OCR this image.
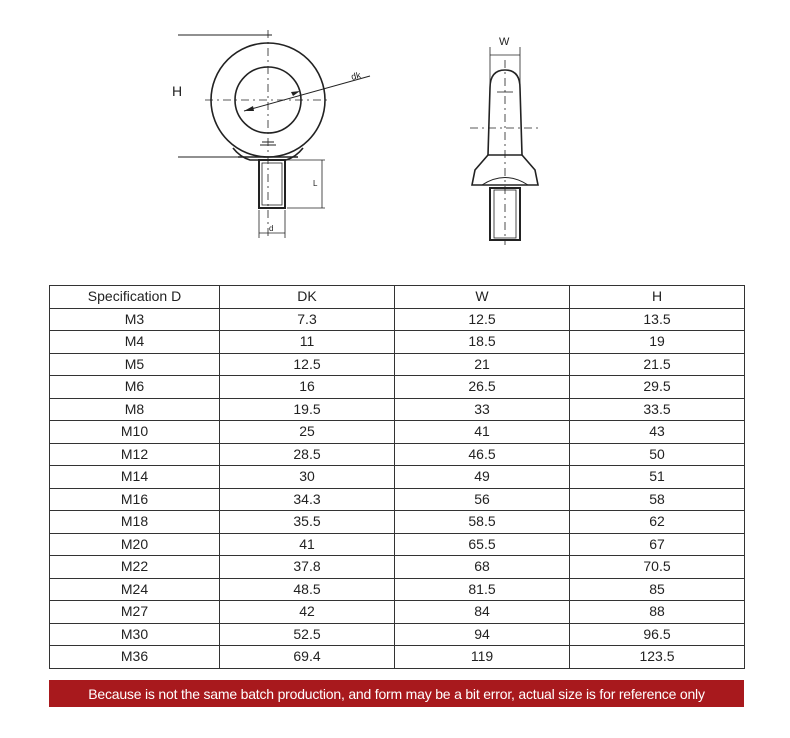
H
dk
L
d
W
Specification D	DK	W	H
M3	7.3	12.5	13.5
M4	11	18.5	19
M5	12.5	21	21.5
M6	16	26.5	29.5
M8	19.5	33	33.5
M10	25	41	43
M12	28.5	46.5	50
M14	30	49	51
M16	34.3	56	58
M18	35.5	58.5	62
M20	41	65.5	67
M22	37.8	68	70.5
M24	48.5	81.5	85
M27	42	84	88
M30	52.5	94	96.5
M36	69.4	119	123.5
Because is not the same batch production, and form may be a bit error, actual size is for reference only
